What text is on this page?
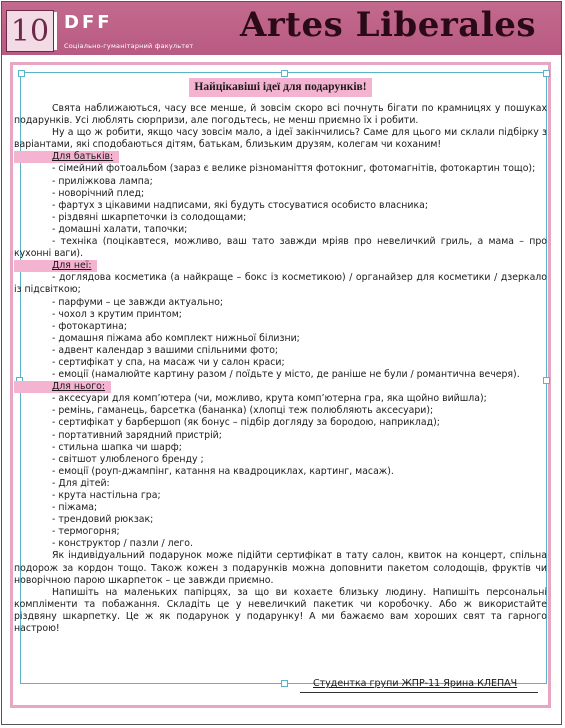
10 DFF
Соціально-гуманітарний факультет
Artes Liberales
Найцікавіші ідеї для подарунків!

Свята наближаються, часу все менше, й зовсім скоро всі почнуть бігати по крамницях у пошуках подарунків. Усі люблять сюрпризи, але погодьтесь, не менш приємно їх і робити.

Ну а що ж робити, якщо часу зовсім мало, а ідеї закінчились? Саме для цього ми склали підбірку з варіантами, які сподобаються дітям, батькам, близьким друзям, колегам чи коханим!

Для батьків:

- сімейний фотоальбом (зараз є велике різноманіття фотокниг, фотомагнітів, фотокартин тощо);

- приліжкова лампа;

- новорічний плед;

- фартух з цікавими надписами, які будуть стосуватися особисто власника;

- різдвяні шкарпеточки із солодощами;

- домашні халати, тапочки;

- техніка (поцікавтеся, можливо, ваш тато завжди мріяв про невеличкий гриль, а мама – про кухонні ваги).

Для неї:

- доглядова косметика (а найкраще – бокс із косметикою) / органайзер для косметики / дзеркало із підсвіткою;

- парфуми – це завжди актуально;

- чохол з крутим принтом;

- фотокартина;

- домашня піжама або комплект нижньої білизни;

- адвент календар з вашими спільними фото;

- сертифікат у спа, на масаж чи у салон краси;

- емоції (намалюйте картину разом / поїдьте у місто, де раніше не були / романтична вечеря).

Для нього:

- аксесуари для комп’ютера (чи, можливо, крута комп’ютерна гра, яка щойно вийшла);

- ремінь, гаманець, барсетка (бананка) (хлопці теж полюбляють аксесуари);

- сертифікат у барбершоп (як бонус – підбір догляду за бородою, наприклад);

- портативний зарядний пристрій;

- стильна шапка чи шарф;

- світшот улюбленого бренду ;

- емоції (роуп-джампінг, катання на квадроциклах, картинг, масаж).

- Для дітей:

- крута настільна гра;

- піжама;

- трендовий рюкзак;

- термогорня;

- конструктор / пазли / лего.

Як індивідуальний подарунок може підійти сертифікат в тату салон, квиток на концерт, спільна подорож за кордон тощо. Також кожен з подарунків можна доповнити пакетом солодощів, фруктів чи новорічною парою шкарпеток – це завжди приємно.

Напишіть на маленьких папірцях, за що ви кохаєте близьку людину. Напишіть персональні компліменти та побажання. Складіть це у невеличкий пакетик чи коробочку. Або ж використайте різдвяну шкарпетку. Це ж як подарунок у подарунку! А ми бажаємо вам хороших свят та гарного настрою!

Студентка групи ЖПР-11 Ярина КЛЕПАЧ
